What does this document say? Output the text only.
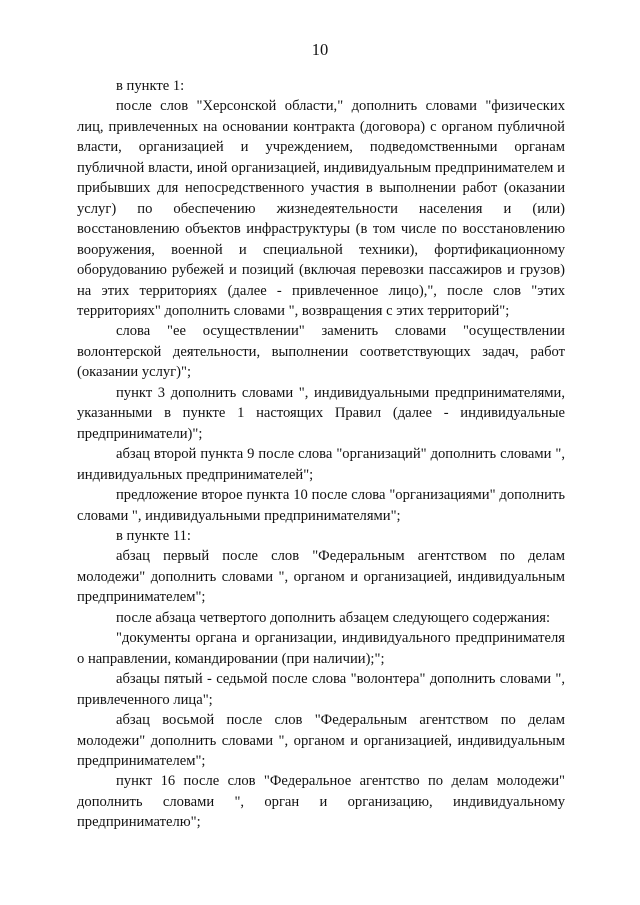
10

в пункте 1:

после слов "Херсонской области," дополнить словами "физических лиц, привлеченных на основании контракта (договора) с органом публичной власти, организацией и учреждением, подведомственными органам публичной власти, иной организацией, индивидуальным предпринимателем и прибывших для непосредственного участия в выполнении работ (оказании услуг) по обеспечению жизнедеятельности населения и (или) восстановлению объектов инфраструктуры (в том числе по восстановлению вооружения, военной и специальной техники), фортификационному оборудованию рубежей и позиций (включая перевозки пассажиров и грузов) на этих территориях (далее - привлеченное лицо),", после слов "этих территориях" дополнить словами ", возвращения с этих территорий";

слова "ее осуществлении" заменить словами "осуществлении волонтерской деятельности, выполнении соответствующих задач, работ (оказании услуг)";

пункт 3 дополнить словами ", индивидуальными предпринимателями, указанными в пункте 1 настоящих Правил (далее - индивидуальные предприниматели)";

абзац второй пункта 9 после слова "организаций" дополнить словами ", индивидуальных предпринимателей";

предложение второе пункта 10 после слова "организациями" дополнить словами ", индивидуальными предпринимателями";

в пункте 11:

абзац первый после слов "Федеральным агентством по делам молодежи" дополнить словами ", органом и организацией, индивидуальным предпринимателем";

после абзаца четвертого дополнить абзацем следующего содержания:

"документы органа и организации, индивидуального предпринимателя о направлении, командировании (при наличии);";

абзацы пятый - седьмой после слова "волонтера" дополнить словами ", привлеченного лица";

абзац восьмой после слов "Федеральным агентством по делам молодежи" дополнить словами ", органом и организацией, индивидуальным предпринимателем";

пункт 16 после слов "Федеральное агентство по делам молодежи" дополнить словами ", орган и организацию, индивидуальному предпринимателю";
